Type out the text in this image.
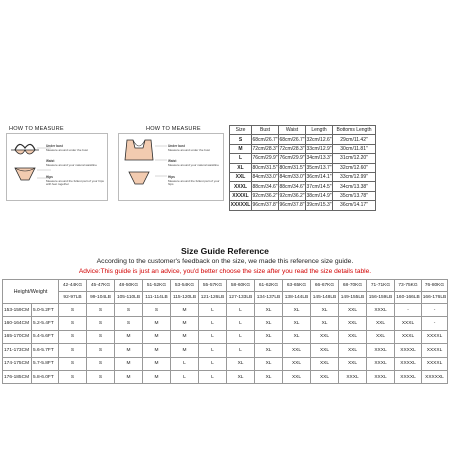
HOW TO MEASURE
Under bust
Measure around under the bust
Waist
Measure around your natural waistline
Hips
Measure around the fullest part of your hips with feet together
HOW TO MEASURE
Under bust
Measure around under the bust
Waist
Measure around your natural waistline
Hips
Measure around the fullest part of your hips
Size	Bust	Waist	Length	Bottoms Length
S	68cm/26.7"	68cm/26.7"	32cm/12.6"	29cm/11.42"
M	72cm/28.3"	72cm/28.3"	33cm/12.9"	30cm/11.81"
L	76cm/29.9"	76cm/29.9"	34cm/13.3"	31cm/12.20"
XL	80cm/31.5"	80cm/31.5"	35cm/13.7"	32cm/12.60"
XXL	84cm/33.0"	84cm/33.0"	36cm/14.1"	33cm/12.99"
XXXL	88cm/34.6"	88cm/34.6"	37cm/14.5"	34cm/13.38"
XXXXL	92cm/36.2"	92cm/36.2"	38cm/14.9"	35cm/13.78"
XXXXXL	96cm/37.8"	96cm/37.8"	39cm/15.3"	36cm/14.17"
Size Guide Reference
According to the customer's feedback on the size, we made this reference size guide.
Advice:This guide is just an advice, you'd better choose the size after you read the size details table.
Height/Weight		42-44KG	45-47KG	48-50KG	51-52KG	53-54KG	55-57KG	58-60KG	61-62KG	63-65KG	66-67KG	68-70KG	71-71KG	73-75KG	76-80KG
		92-97LB	99-104LB	105-110LB	111-114LB	115-120LB	121-126LB	127-133LB	134-137LB	138-144LB	145-148LB	149-155LB	156-159LB	160-166LB	166-176LB
153-159CM	5.0-5.2FT	S	S	S	S	M	L	L	XL	XL	XL	XXL	XXXL	-	-
160-164CM	5.2-5.4FT	S	S	S	M	M	L	L	XL	XL	XL	XXL	XXL	XXXL	-
165-170CM	5.4-5.6FT	S	S	M	M	M	L	L	XL	XL	XXL	XXL	XXL	XXXL	XXXXL
171-173CM	5.6-5.7FT	S	S	M	M	M	L	L	XL	XXL	XXL	XXL	XXXL	XXXXL	XXXXL
174-175CM	5.7-5.8FT	S	S	M	M	L	L	XL	XL	XXL	XXL	XXL	XXXL	XXXXL	XXXXL
176-185CM	5.8-6.0FT	S	S	M	M	L	L	XL	XL	XXL	XXL	XXXL	XXXL	XXXXL	XXXXXL
